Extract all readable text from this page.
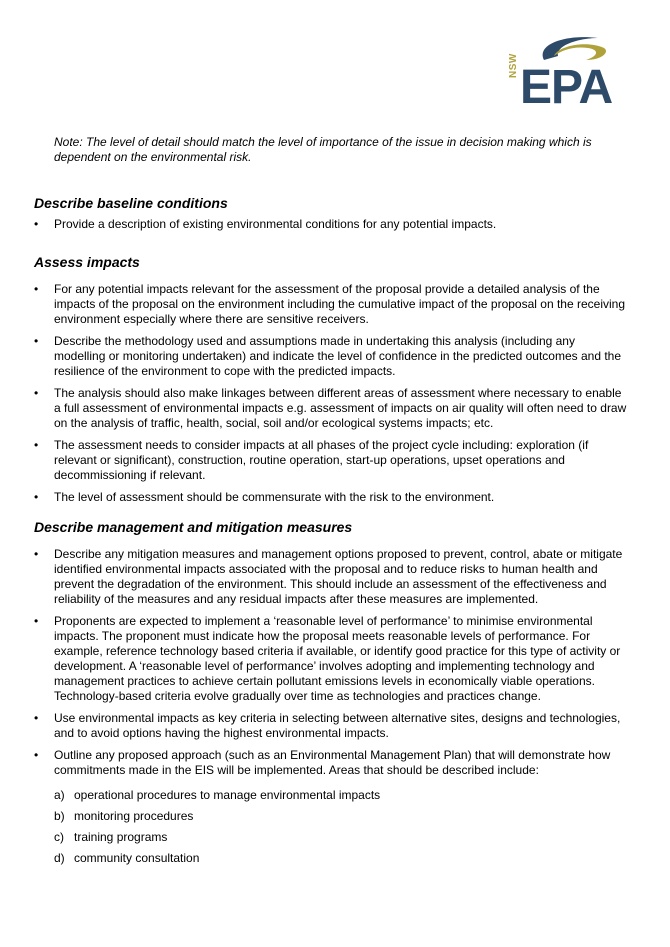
NSW EPA

Note: The level of detail should match the level of importance of the issue in decision making which is dependent on the environmental risk.

Describe baseline conditions
• Provide a description of existing environmental conditions for any potential impacts.
Assess impacts
• For any potential impacts relevant for the assessment of the proposal provide a detailed analysis of the impacts of the proposal on the environment including the cumulative impact of the proposal on the receiving environment especially where there are sensitive receivers.
• Describe the methodology used and assumptions made in undertaking this analysis (including any modelling or monitoring undertaken) and indicate the level of confidence in the predicted outcomes and the resilience of the environment to cope with the predicted impacts.
• The analysis should also make linkages between different areas of assessment where necessary to enable a full assessment of environmental impacts e.g. assessment of impacts on air quality will often need to draw on the analysis of traffic, health, social, soil and/or ecological systems impacts; etc.
• The assessment needs to consider impacts at all phases of the project cycle including: exploration (if relevant or significant), construction, routine operation, start-up operations, upset operations and decommissioning if relevant.
• The level of assessment should be commensurate with the risk to the environment.
Describe management and mitigation measures
• Describe any mitigation measures and management options proposed to prevent, control, abate or mitigate identified environmental impacts associated with the proposal and to reduce risks to human health and prevent the degradation of the environment. This should include an assessment of the effectiveness and reliability of the measures and any residual impacts after these measures are implemented.
• Proponents are expected to implement a ‘reasonable level of performance’ to minimise environmental impacts. The proponent must indicate how the proposal meets reasonable levels of performance. For example, reference technology based criteria if available, or identify good practice for this type of activity or development. A ‘reasonable level of performance’ involves adopting and implementing technology and management practices to achieve certain pollutant emissions levels in economically viable operations. Technology-based criteria evolve gradually over time as technologies and practices change.
• Use environmental impacts as key criteria in selecting between alternative sites, designs and technologies, and to avoid options having the highest environmental impacts.
• Outline any proposed approach (such as an Environmental Management Plan) that will demonstrate how commitments made in the EIS will be implemented. Areas that should be described include:
a) operational procedures to manage environmental impacts
b) monitoring procedures
c) training programs
d) community consultation
